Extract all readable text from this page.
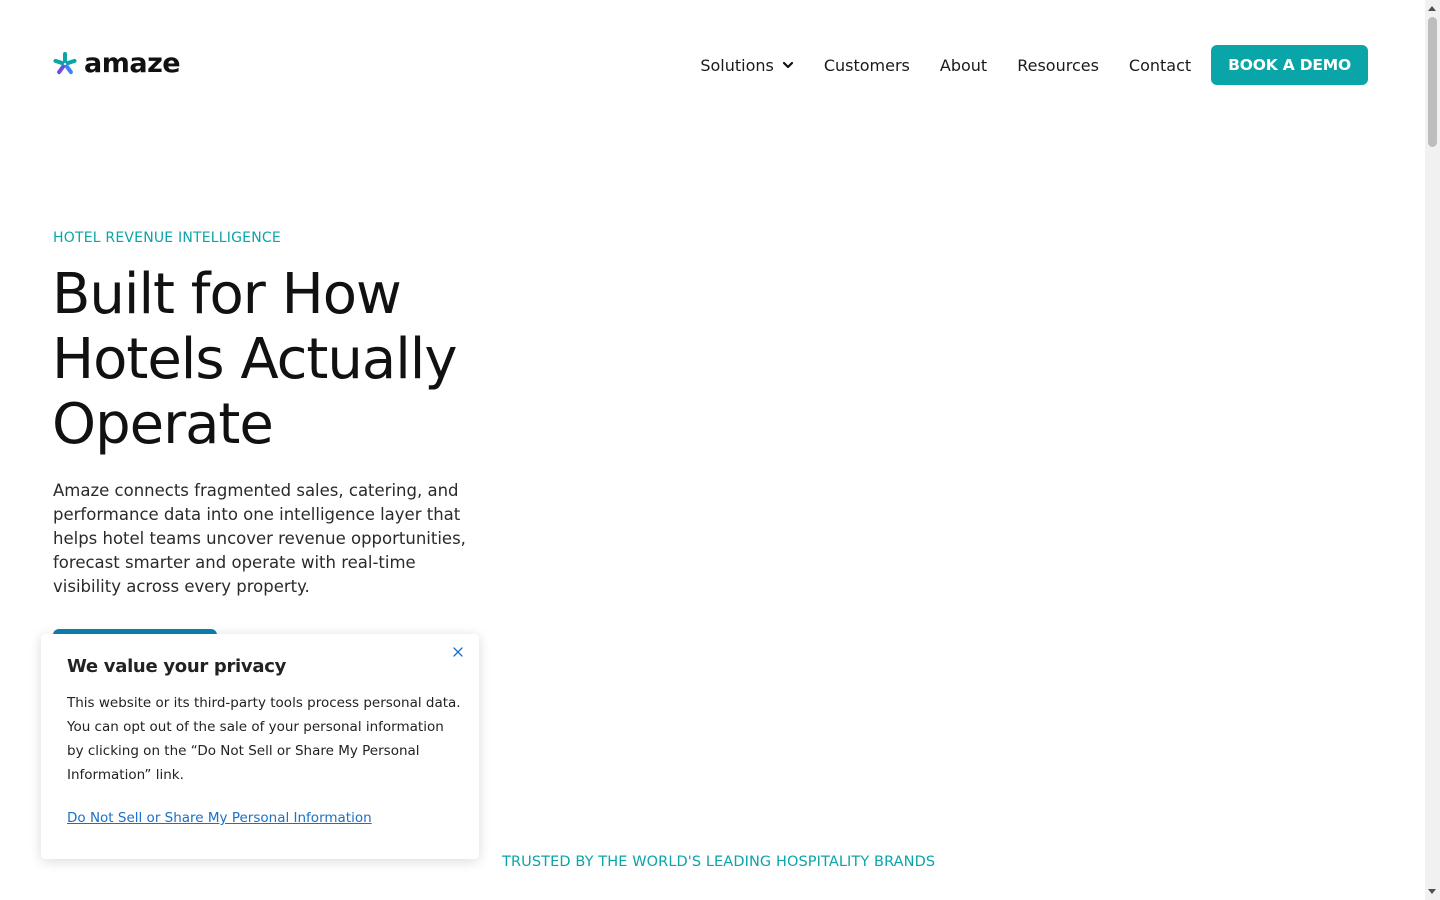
amaze	Solutions	Customers About Resources Contact	BOOK A DEMO
HOTEL REVENUE INTELLIGENCE
Built for How
Hotels Actually
Operate

Amaze connects fragmented sales, catering, and performance data into one intelligence layer that helps hotel teams uncover revenue opportunities, forecast smarter and operate with real-time visibility across every property.

TRUSTED BY THE WORLD'S LEADING HOSPITALITY BRANDS
We value your privacy

This website or its third-party tools process personal data. You can opt out of the sale of your personal information by clicking on the “Do Not Sell or Share My Personal Information” link.

Do Not Sell or Share My Personal Information
